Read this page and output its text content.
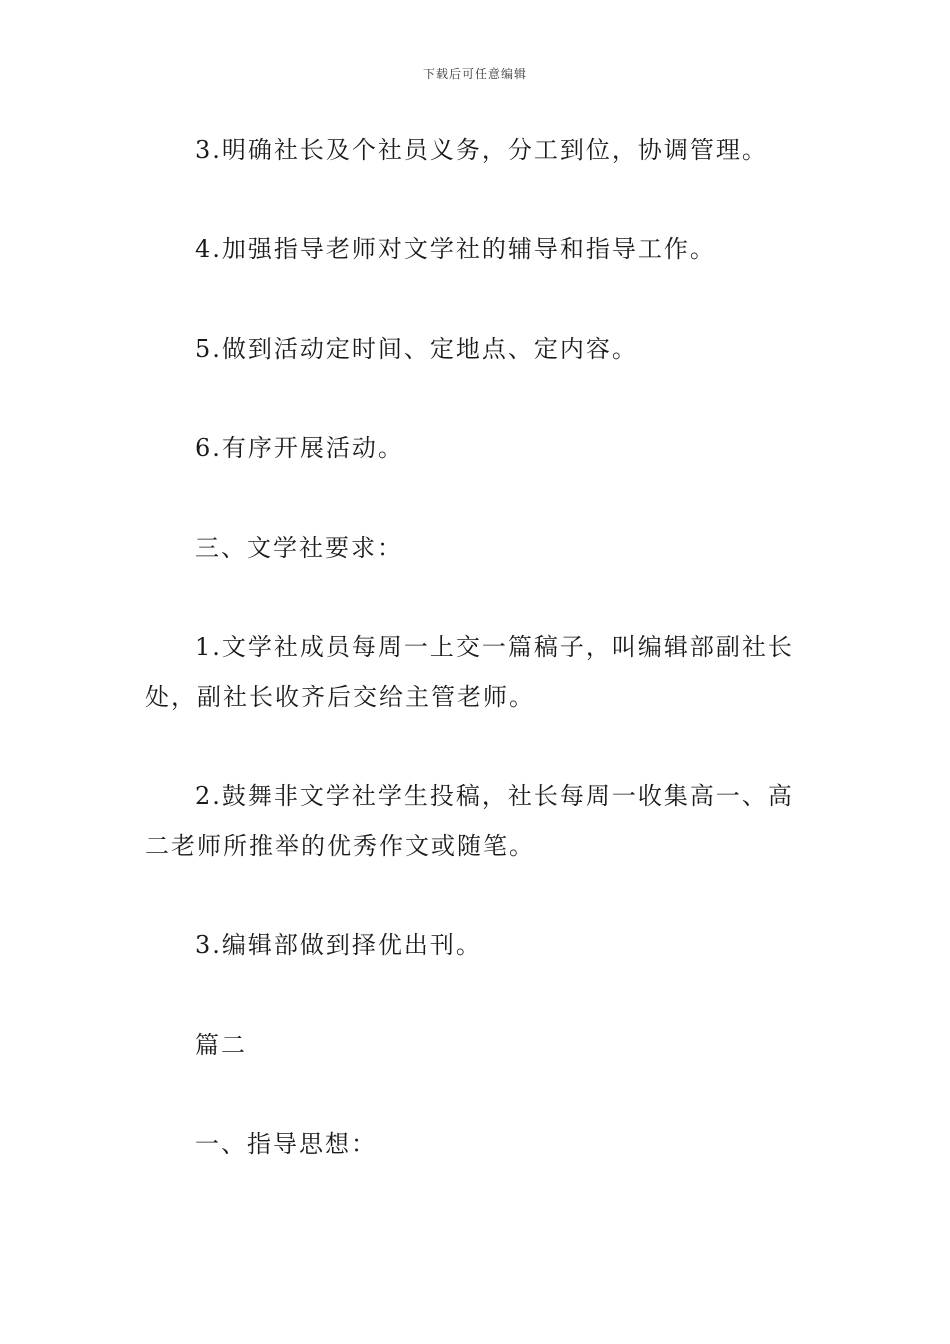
下载后可任意编辑

3.明确社长及个社员义务，分工到位，协调管理。

4.加强指导老师对文学社的辅导和指导工作。

5.做到活动定时间、定地点、定内容。

6.有序开展活动。

三、文学社要求：

1.文学社成员每周一上交一篇稿子，叫编辑部副社长处，副社长收齐后交给主管老师。

2.鼓舞非文学社学生投稿，社长每周一收集高一、高二老师所推举的优秀作文或随笔。

3.编辑部做到择优出刊。

篇二

一、指导思想：
